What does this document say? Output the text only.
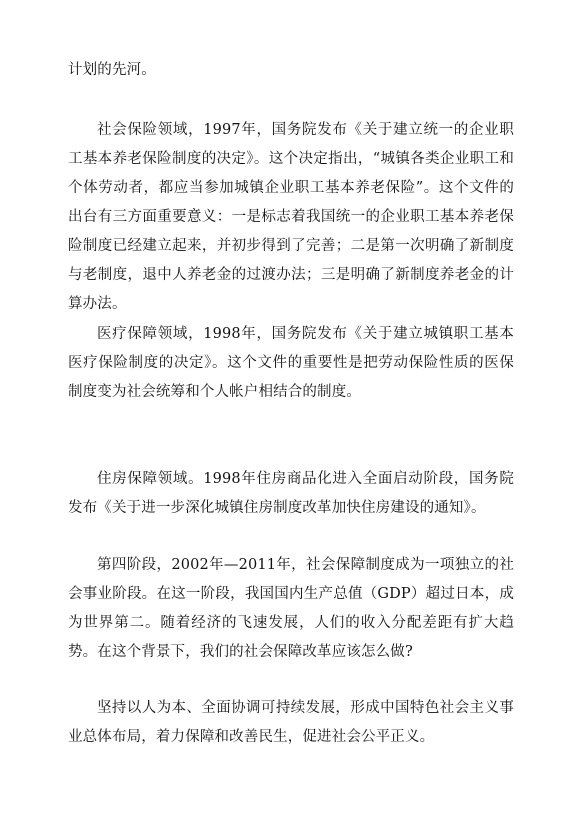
计划的先河。

社会保险领域，1997年，国务院发布《关于建立统一的企业职工基本养老保险制度的决定》。这个决定指出，“城镇各类企业职工和个体劳动者，都应当参加城镇企业职工基本养老保险”。这个文件的出台有三方面重要意义：一是标志着我国统一的企业职工基本养老保险制度已经建立起来，并初步得到了完善；二是第一次明确了新制度与老制度，退中人养老金的过渡办法；三是明确了新制度养老金的计算办法。

医疗保障领域，1998年，国务院发布《关于建立城镇职工基本医疗保险制度的决定》。这个文件的重要性是把劳动保险性质的医保制度变为社会统筹和个人帐户相结合的制度。

住房保障领域。1998年住房商品化进入全面启动阶段，国务院发布《关于进一步深化城镇住房制度改革加快住房建设的通知》。

第四阶段，2002年—2011年，社会保障制度成为一项独立的社会事业阶段。在这一阶段，我国国内生产总值（GDP）超过日本，成为世界第二。随着经济的飞速发展，人们的收入分配差距有扩大趋势。在这个背景下，我们的社会保障改革应该怎么做?

坚持以人为本、全面协调可持续发展，形成中国特色社会主义事业总体布局，着力保障和改善民生，促进社会公平正义。
